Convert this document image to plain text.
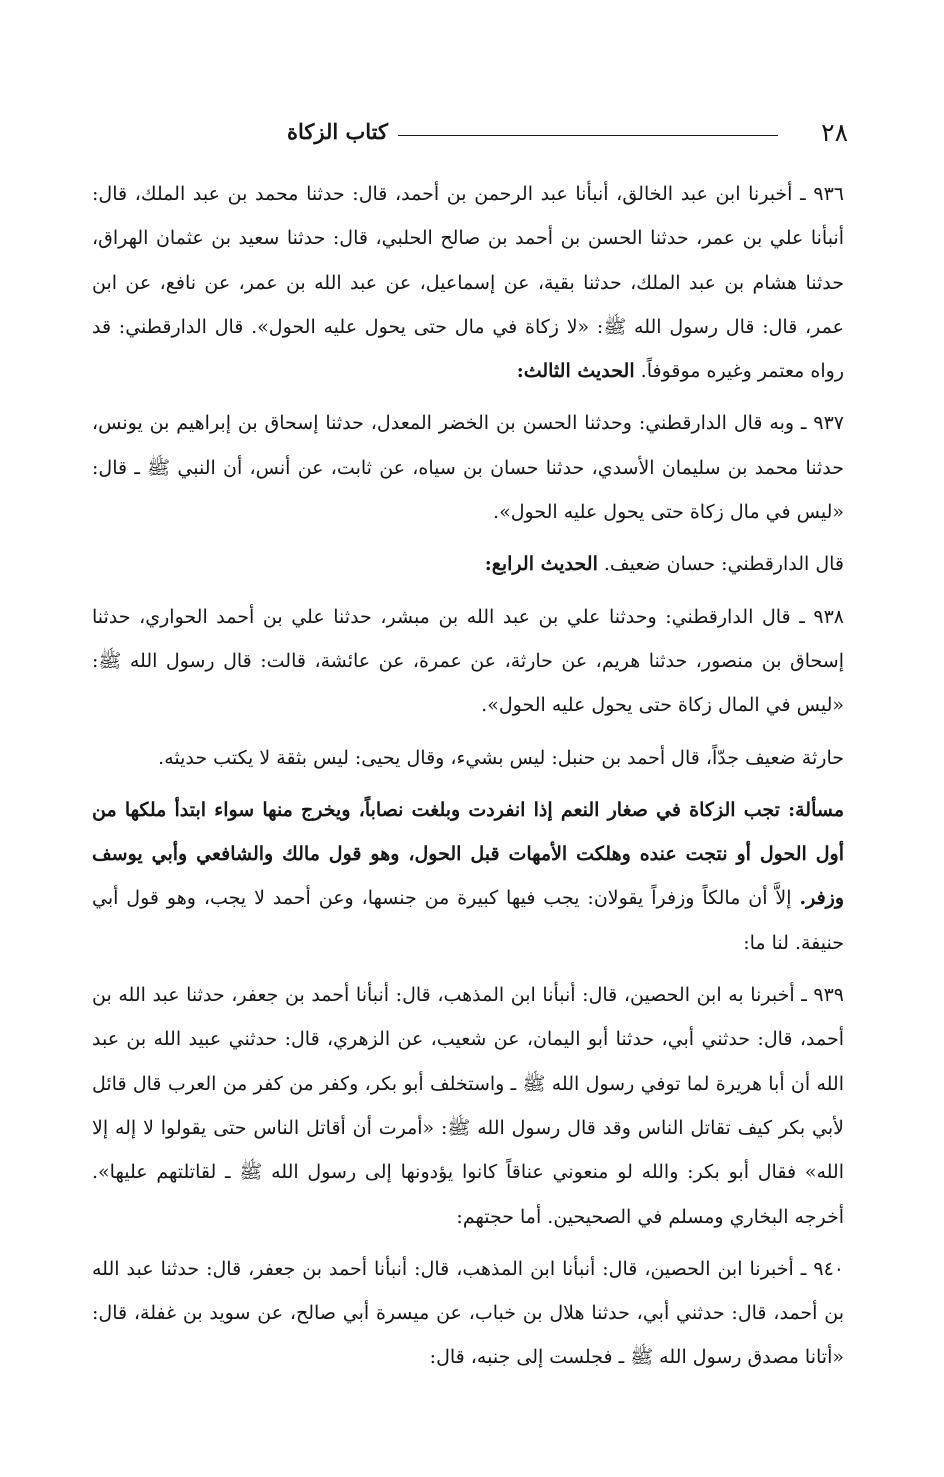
٢٨
كتاب الزكاة

٩٣٦ ـ أخبرنا ابن عبد الخالق، أنبأنا عبد الرحمن بن أحمد، قال: حدثنا محمد بن عبد الملك، قال: أنبأنا علي بن عمر، حدثنا الحسن بن أحمد بن صالح الحلبي، قال: حدثنا سعيد بن عثمان الهراق، حدثنا هشام بن عبد الملك، حدثنا بقية، عن إسماعيل، عن عبد الله بن عمر، عن نافع، عن ابن عمر، قال: قال رسول الله ﷺ: «لا زكاة في مال حتى يحول عليه الحول». قال الدارقطني: قد رواه معتمر وغيره موقوفاً. الحديث الثالث:

٩٣٧ ـ وبه قال الدارقطني: وحدثنا الحسن بن الخضر المعدل، حدثنا إسحاق بن إبراهيم بن يونس، حدثنا محمد بن سليمان الأسدي، حدثنا حسان بن سياه، عن ثابت، عن أنس، أن النبي ﷺ ـ قال: «ليس في مال زكاة حتى يحول عليه الحول».

قال الدارقطني: حسان ضعيف. الحديث الرابع:

٩٣٨ ـ قال الدارقطني: وحدثنا علي بن عبد الله بن مبشر، حدثنا علي بن أحمد الحواري، حدثنا إسحاق بن منصور، حدثنا هريم، عن حارثة، عن عمرة، عن عائشة، قالت: قال رسول الله ﷺ: «ليس في المال زكاة حتى يحول عليه الحول».

حارثة ضعيف جدّاً، قال أحمد بن حنبل: ليس بشيء، وقال يحيى: ليس بثقة لا يكتب حديثه.

مسألة: تجب الزكاة في صغار النعم إذا انفردت وبلغت نصاباً، ويخرج منها سواء ابتدأ ملكها من أول الحول أو نتجت عنده وهلكت الأمهات قبل الحول، وهو قول مالك والشافعي وأبي يوسف وزفر. إلاَّ أن مالكاً وزفراً يقولان: يجب فيها كبيرة من جنسها، وعن أحمد لا يجب، وهو قول أبي حنيفة. لنا ما:

٩٣٩ ـ أخبرنا به ابن الحصين، قال: أنبأنا ابن المذهب، قال: أنبأنا أحمد بن جعفر، حدثنا عبد الله بن أحمد، قال: حدثني أبي، حدثنا أبو اليمان، عن شعيب، عن الزهري، قال: حدثني عبيد الله بن عبد الله أن أبا هريرة لما توفي رسول الله ﷺ ـ واستخلف أبو بكر، وكفر من كفر من العرب قال قائل لأبي بكر كيف تقاتل الناس وقد قال رسول الله ﷺ: «أمرت أن أقاتل الناس حتى يقولوا لا إله إلا الله» فقال أبو بكر: والله لو منعوني عناقاً كانوا يؤدونها إلى رسول الله ﷺ ـ لقاتلتهم عليها». أخرجه البخاري ومسلم في الصحيحين. أما حجتهم:

٩٤٠ ـ أخبرنا ابن الحصين، قال: أنبأنا ابن المذهب، قال: أنبأنا أحمد بن جعفر، قال: حدثنا عبد الله بن أحمد، قال: حدثني أبي، حدثنا هلال بن خباب، عن ميسرة أبي صالح، عن سويد بن غفلة، قال: «أتانا مصدق رسول الله ﷺ ـ فجلست إلى جنبه، قال:
